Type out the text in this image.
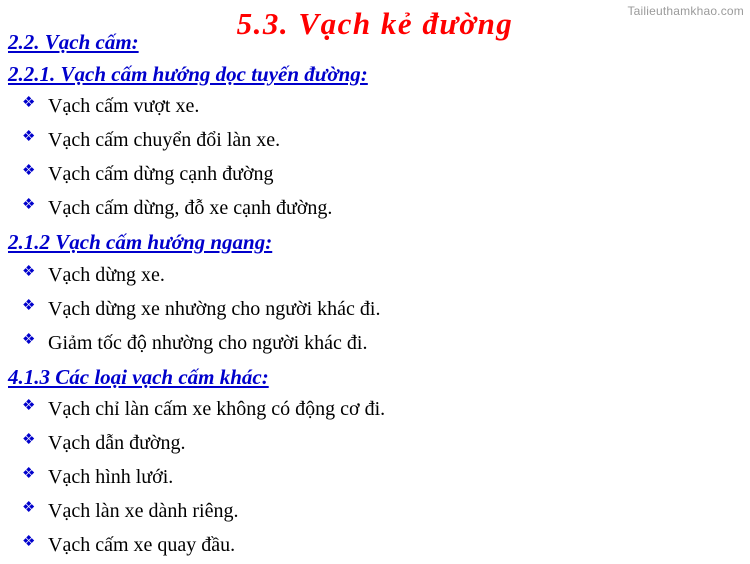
Tailieuthamkhao.com
5.3. Vạch kẻ đường
2.2. Vạch cấm:
2.2.1. Vạch cấm hướng dọc tuyến đường:
❖ Vạch cấm vượt xe.
❖ Vạch cấm chuyển đổi làn xe.
❖ Vạch cấm dừng cạnh đường
❖ Vạch cấm dừng, đỗ xe cạnh đường.
2.1.2 Vạch cấm hướng ngang:
❖ Vạch dừng xe.
❖ Vạch dừng xe nhường cho người khác đi.
❖ Giảm tốc độ nhường cho người khác đi.
4.1.3 Các loại vạch cấm khác:
❖ Vạch chỉ làn cấm xe không có động cơ đi.
❖ Vạch dẫn đường.
❖ Vạch hình lưới.
❖ Vạch làn xe dành riêng.
❖ Vạch cấm xe quay đầu.
